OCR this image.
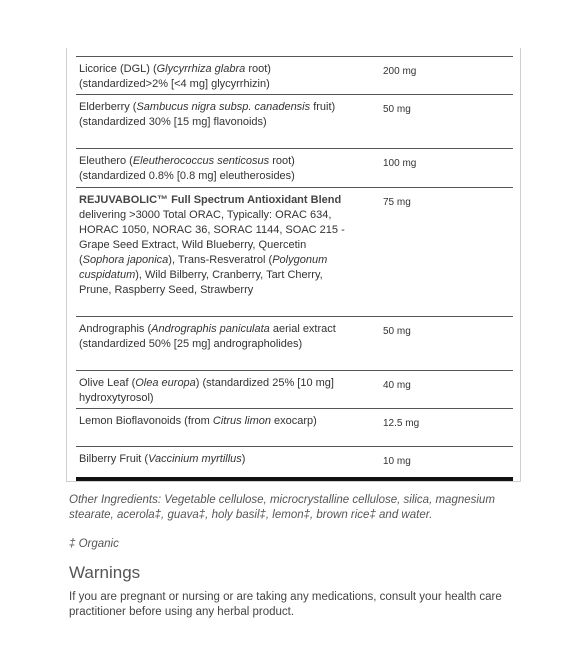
Licorice (DGL) (Glycyrrhiza glabra root) (standardized>2% [<4 mg] glycyrrhizin)
200 mg
Elderberry (Sambucus nigra subsp. canadensis fruit) (standardized 30% [15 mg] flavonoids)
50 mg
Eleuthero (Eleutherococcus senticosus root) (standardized 0.8% [0.8 mg] eleutherosides)
100 mg
REJUVABOLIC™ Full Spectrum Antioxidant Blend delivering >3000 Total ORAC, Typically: ORAC 634, HORAC 1050, NORAC 36, SORAC 1144, SOAC 215 - Grape Seed Extract, Wild Blueberry, Quercetin (Sophora japonica), Trans-Resveratrol (Polygonum cuspidatum), Wild Bilberry, Cranberry, Tart Cherry, Prune, Raspberry Seed, Strawberry
75 mg
Andrographis (Andrographis paniculata aerial extract (standardized 50% [25 mg] andrographolides)
50 mg
Olive Leaf (Olea europa) (standardized 25% [10 mg] hydroxytyrosol)
40 mg
Lemon Bioflavonoids (from Citrus limon exocarp)	12.5 mg
Bilberry Fruit (Vaccinium myrtillus)	10 mg
Other Ingredients: Vegetable cellulose, microcrystalline cellulose, silica, magnesium stearate, acerola‡, guava‡, holy basil‡, lemon‡, brown rice‡ and water.
‡ Organic
Warnings
If you are pregnant or nursing or are taking any medications, consult your health care practitioner before using any herbal product.
